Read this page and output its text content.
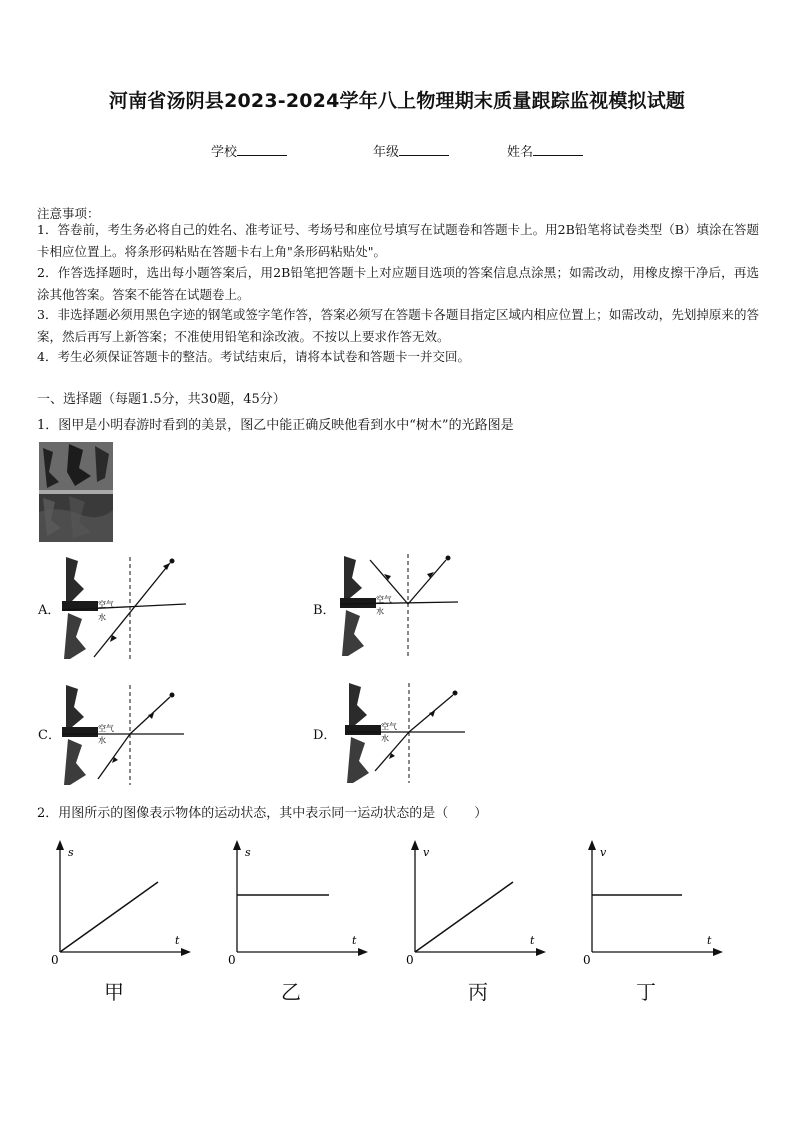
河南省汤阴县2023-2024学年八上物理期末质量跟踪监视模拟试题
学校	年级	姓名
注意事项：
1．答卷前，考生务必将自己的姓名、准考证号、考场号和座位号填写在试题卷和答题卡上。用2B铅笔将试卷类型（B）填涂在答题卡相应位置上。将条形码粘贴在答题卡右上角"条形码粘贴处"。
2．作答选择题时，选出每小题答案后，用2B铅笔把答题卡上对应题目选项的答案信息点涂黑；如需改动，用橡皮擦干净后，再选涂其他答案。答案不能答在试题卷上。
3．非选择题必须用黑色字迹的钢笔或签字笔作答，答案必须写在答题卡各题目指定区域内相应位置上；如需改动，先划掉原来的答案，然后再写上新答案；不准使用铅笔和涂改液。不按以上要求作答无效。
4．考生必须保证答题卡的整洁。考试结束后，请将本试卷和答题卡一并交回。
一、选择题（每题1.5分，共30题，45分）
1．图甲是小明春游时看到的美景，图乙中能正确反映他看到水中“树木”的光路图是
A．	空气
水	B．
空气
水
C．	空气
水	D．
空气
水
2．用图所示的图像表示物体的运动状态，其中表示同一运动状态的是（　　）
s
t
0
甲
s
t
0
乙
v
t
0
丙
v
t
0
丁
